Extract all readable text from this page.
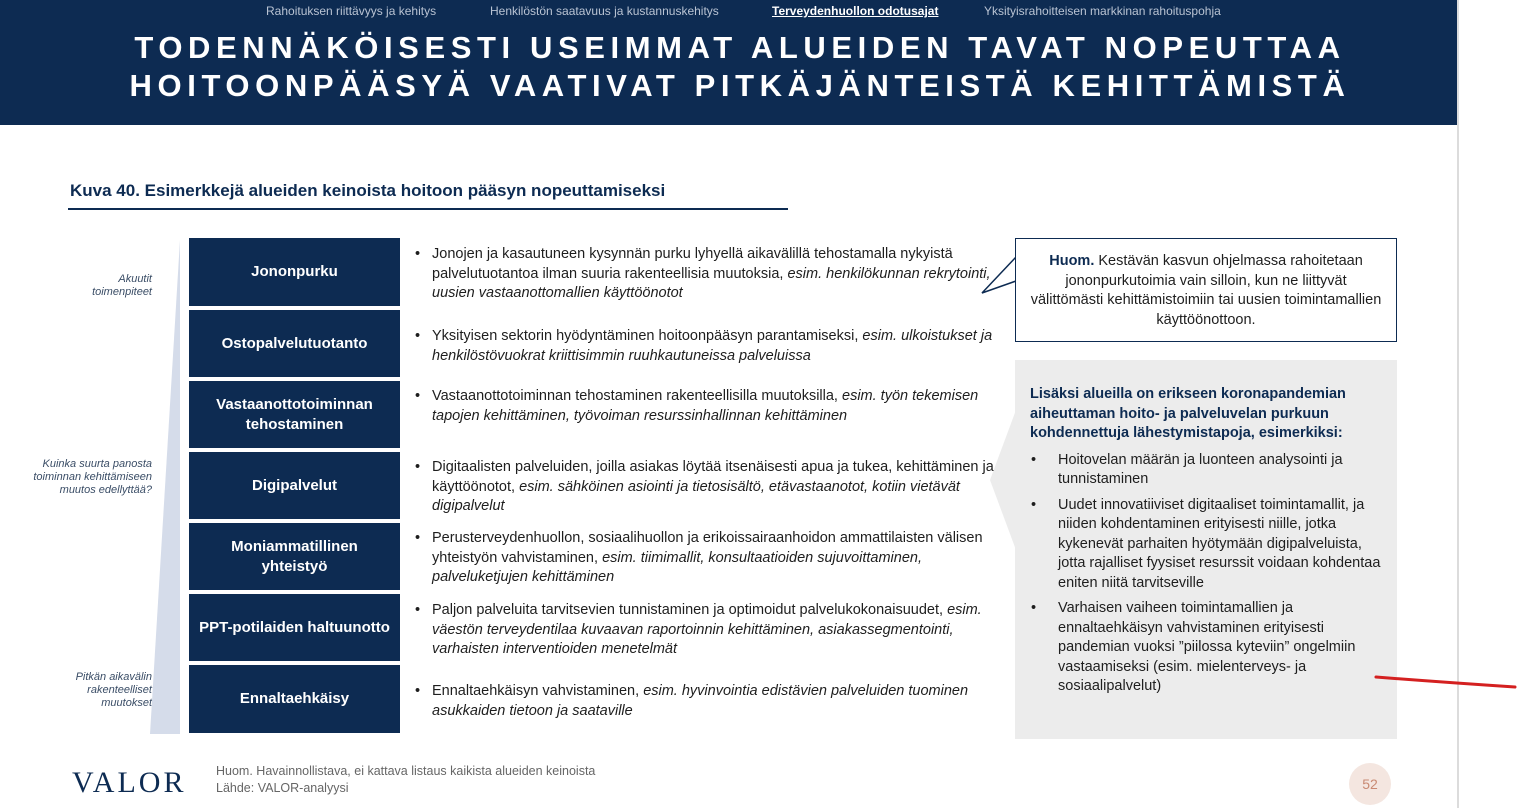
Rahoituksen riittävyys ja kehitys	Henkilöstön saatavuus ja kustannuskehitys	Terveydenhuollon odotusajat	Yksityisrahoitteisen markkinan rahoituspohja
TODENNÄKÖISESTI USEIMMAT ALUEIDEN TAVAT NOPEUTTAA
HOITOONPÄÄSYÄ VAATIVAT PITKÄJÄNTEISTÄ KEHITTÄMISTÄ
Kuva 40. Esimerkkejä alueiden keinoista hoitoon pääsyn nopeuttamiseksi
Akuutit toimenpiteet
Kuinka suurta panosta toiminnan kehittämiseen muutos edellyttää?
Pitkän aikavälin rakenteelliset muutokset
Jononpurku
Ostopalvelutuotanto
Vastaanottotoiminnan tehostaminen
Digipalvelut
Moniammatillinen yhteistyö
PPT-potilaiden haltuunotto
Ennaltaehkäisy
• Jonojen ja kasautuneen kysynnän purku lyhyellä aikavälillä tehostamalla nykyistä palvelutuotantoa ilman suuria rakenteellisia muutoksia, esim. henkilökunnan rekrytointi, uusien vastaanottomallien käyttöönotot
• Yksityisen sektorin hyödyntäminen hoitoonpääsyn parantamiseksi, esim. ulkoistukset ja henkilöstövuokrat kriittisimmin ruuhkautuneissa palveluissa
• Vastaanottotoiminnan tehostaminen rakenteellisilla muutoksilla, esim. työn tekemisen tapojen kehittäminen, työvoiman resurssinhallinnan kehittäminen
• Digitaalisten palveluiden, joilla asiakas löytää itsenäisesti apua ja tukea, kehittäminen ja käyttöönotot, esim. sähköinen asiointi ja tietosisältö, etävastaanotot, kotiin vietävät digipalvelut
• Perusterveydenhuollon, sosiaalihuollon ja erikoissairaanhoidon ammattilaisten välisen yhteistyön vahvistaminen, esim. tiimimallit, konsultaatioiden sujuvoittaminen, palveluketjujen kehittäminen
• Paljon palveluita tarvitsevien tunnistaminen ja optimoidut palvelukokonaisuudet, esim. väestön terveydentilaa kuvaavan raportoinnin kehittäminen, asiakassegmentointi, varhaisten interventioiden menetelmät
• Ennaltaehkäisyn vahvistaminen, esim. hyvinvointia edistävien palveluiden tuominen asukkaiden tietoon ja saataville
Huom. Kestävän kasvun ohjelmassa rahoitetaan jononpurkutoimia vain silloin, kun ne liittyvät välittömästi kehittämistoimiin tai uusien toimintamallien käyttöönottoon.
Lisäksi alueilla on erikseen koronapandemian aiheuttaman hoito- ja palveluvelan purkuun kohdennettuja lähestymistapoja, esimerkiksi:
• Hoitovelan määrän ja luonteen analysointi ja tunnistaminen
• Uudet innovatiiviset digitaaliset toimintamallit, ja niiden kohdentaminen erityisesti niille, jotka kykenevät parhaiten hyötymään digipalveluista, jotta rajalliset fyysiset resurssit voidaan kohdentaa eniten niitä tarvitseville
• Varhaisen vaiheen toimintamallien ja ennaltaehkäisyn vahvistaminen erityisesti pandemian vuoksi ”piilossa kyteviin” ongelmiin vastaamiseksi (esim. mielenterveys- ja sosiaalipalvelut)
VALOR Huom. Havainnollistava, ei kattava listaus kaikista alueiden keinoista
Lähde: VALOR-analyysi	52
